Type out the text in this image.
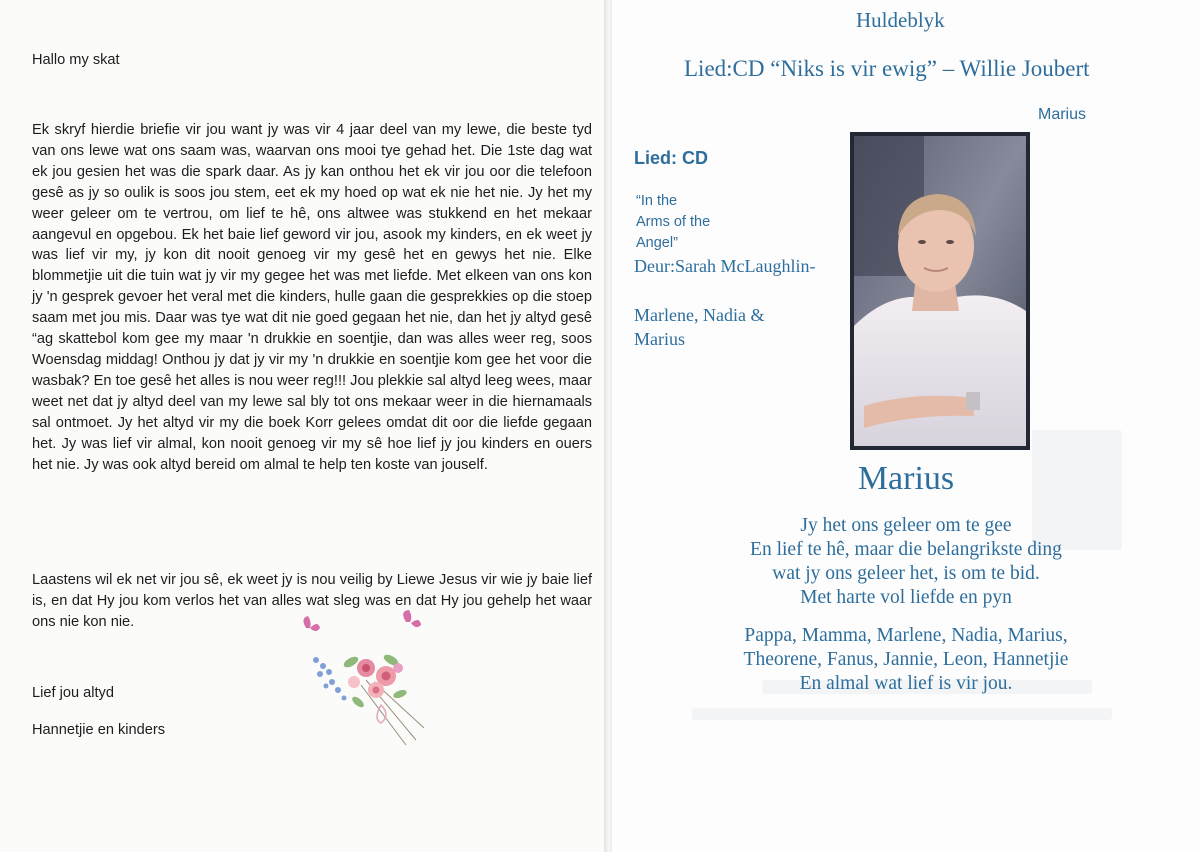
Hallo my skat

Ek skryf hierdie briefie vir jou want jy was vir 4 jaar deel van my lewe, die beste tyd van ons lewe wat ons saam was, waarvan ons mooi tye gehad het. Die 1ste dag wat ek jou gesien het was die spark daar. As jy kan onthou het ek vir jou oor die telefoon gesê as jy so oulik is soos jou stem, eet ek my hoed op wat ek nie het nie. Jy het my weer geleer om te vertrou, om lief te hê, ons altwee was stukkend en het mekaar aangevul en opgebou. Ek het baie lief geword vir jou, asook my kinders, en ek weet jy was lief vir my, jy kon dit nooit genoeg vir my gesê het en gewys het nie. Elke blommetjie uit die tuin wat jy vir my gegee het was met liefde. Met elkeen van ons kon jy 'n gesprek gevoer het veral met die kinders, hulle gaan die gesprekkies op die stoep saam met jou mis. Daar was tye wat dit nie goed gegaan het nie, dan het jy altyd gesê “ag skattebol kom gee my maar 'n drukkie en soentjie, dan was alles weer reg, soos Woensdag middag! Onthou jy dat jy vir my 'n drukkie en soentjie kom gee het voor die wasbak? En toe gesê het alles is nou weer reg!!! Jou plekkie sal altyd leeg wees, maar weet net dat jy altyd deel van my lewe sal bly tot ons mekaar weer in die hiernamaals sal ontmoet. Jy het altyd vir my die boek Korr gelees omdat dit oor die liefde gegaan het. Jy was lief vir almal, kon nooit genoeg vir my sê hoe lief jy jou kinders en ouers het nie. Jy was ook altyd bereid om almal te help ten koste van jouself.

Laastens wil ek net vir jou sê, ek weet jy is nou veilig by Liewe Jesus vir wie jy baie lief is, en dat Hy jou kom verlos het van alles wat sleg was en dat Hy jou gehelp het waar ons nie kon nie.

Lief jou altyd

Hannetjie en kinders

Huldeblyk

Lied:CD “Niks is vir ewig” – Willie Joubert

Marius

Lied: CD

“In the

Arms of the

Angel”

Deur:Sarah McLaughlin-

Marlene, Nadia &

Marius

Marius

Jy het ons geleer om te gee

En lief te hê, maar die belangrikste ding

wat jy ons geleer het, is om te bid.

Met harte vol liefde en pyn

Pappa, Mamma, Marlene, Nadia, Marius,

Theorene, Fanus, Jannie, Leon, Hannetjie

En almal wat lief is vir jou.
